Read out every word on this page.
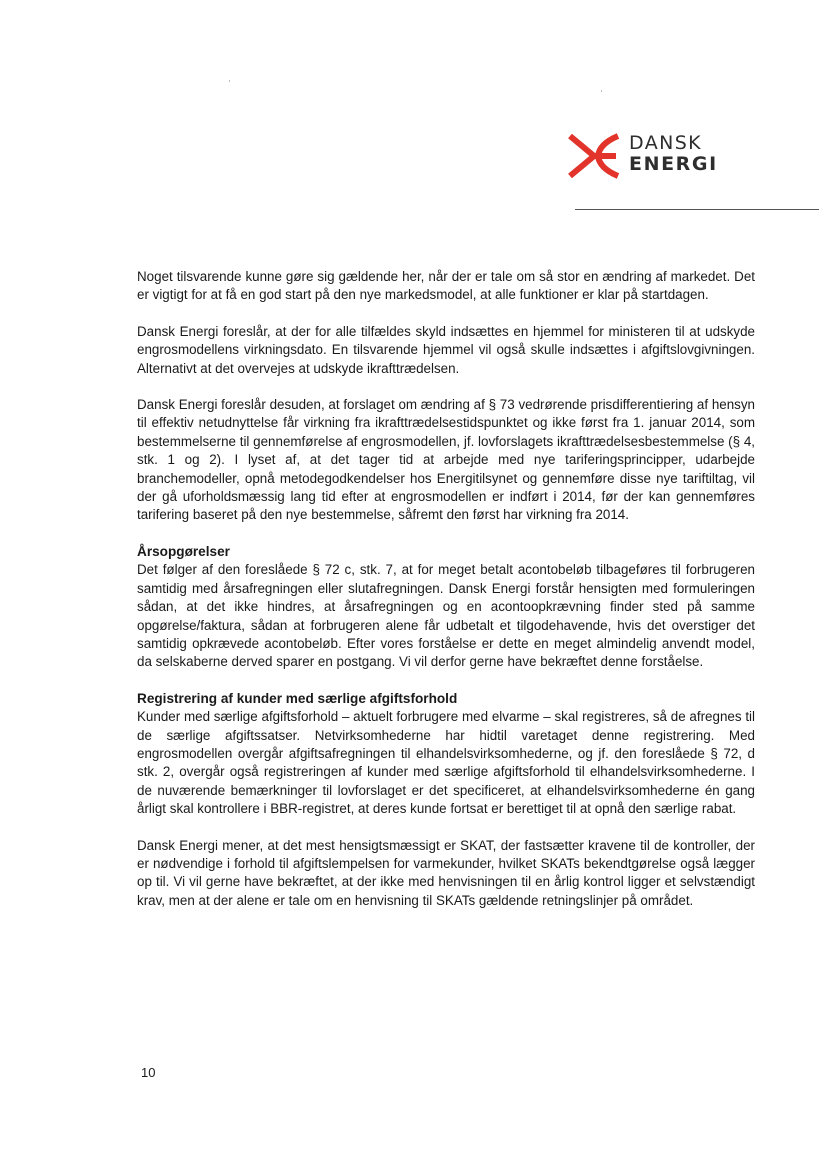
DANSK
ENERGI

Noget tilsvarende kunne gøre sig gældende her, når der er tale om så stor en ændring af markedet. Det er vigtigt for at få en god start på den nye markedsmodel, at alle funktioner er klar på startdagen.

Dansk Energi foreslår, at der for alle tilfældes skyld indsættes en hjemmel for ministeren til at udskyde engrosmodellens virkningsdato. En tilsvarende hjemmel vil også skulle indsættes i afgiftslovgivningen. Alternativt at det overvejes at udskyde ikrafttrædelsen.

Dansk Energi foreslår desuden, at forslaget om ændring af § 73 vedrørende prisdifferentiering af hensyn til effektiv netudnyttelse får virkning fra ikrafttrædelsestidspunktet og ikke først fra 1. januar 2014, som bestemmelserne til gennemførelse af engrosmodellen, jf. lovforslagets ikrafttrædelsesbestemmelse (§ 4, stk. 1 og 2). I lyset af, at det tager tid at arbejde med nye tariferingsprincipper, udarbejde branchemodeller, opnå metodegodkendelser hos Energitilsynet og gennemføre disse nye tariftiltag, vil der gå uforholdsmæssig lang tid efter at engrosmodellen er indført i 2014, før der kan gennemføres tarifering baseret på den nye bestemmelse, såfremt den først har virkning fra 2014.

Årsopgørelser

Det følger af den foreslåede § 72 c, stk. 7, at for meget betalt acontobeløb tilbageføres til forbrugeren samtidig med årsafregningen eller slutafregningen. Dansk Energi forstår hensigten med formuleringen sådan, at det ikke hindres, at årsafregningen og en acontoopkrævning finder sted på samme opgørelse/faktura, sådan at forbrugeren alene får udbetalt et tilgodehavende, hvis det overstiger det samtidig opkrævede acontobeløb. Efter vores forståelse er dette en meget almindelig anvendt model, da selskaberne derved sparer en postgang. Vi vil derfor gerne have bekræftet denne forståelse.

Registrering af kunder med særlige afgiftsforhold

Kunder med særlige afgiftsforhold – aktuelt forbrugere med elvarme – skal registreres, så de afregnes til de særlige afgiftssatser. Netvirksomhederne har hidtil varetaget denne registrering. Med engrosmodellen overgår afgiftsafregningen til elhandelsvirksomhederne, og jf. den foreslåede § 72, d stk. 2, overgår også registreringen af kunder med særlige afgiftsforhold til elhandelsvirksomhederne. I de nuværende bemærkninger til lovforslaget er det specificeret, at elhandelsvirksomhederne én gang årligt skal kontrollere i BBR-registret, at deres kunde fortsat er berettiget til at opnå den særlige rabat.

Dansk Energi mener, at det mest hensigtsmæssigt er SKAT, der fastsætter kravene til de kontroller, der er nødvendige i forhold til afgiftslempelsen for varmekunder, hvilket SKATs bekendtgørelse også lægger op til. Vi vil gerne have bekræftet, at der ikke med henvisningen til en årlig kontrol ligger et selvstændigt krav, men at der alene er tale om en henvisning til SKATs gældende retningslinjer på området.

10
